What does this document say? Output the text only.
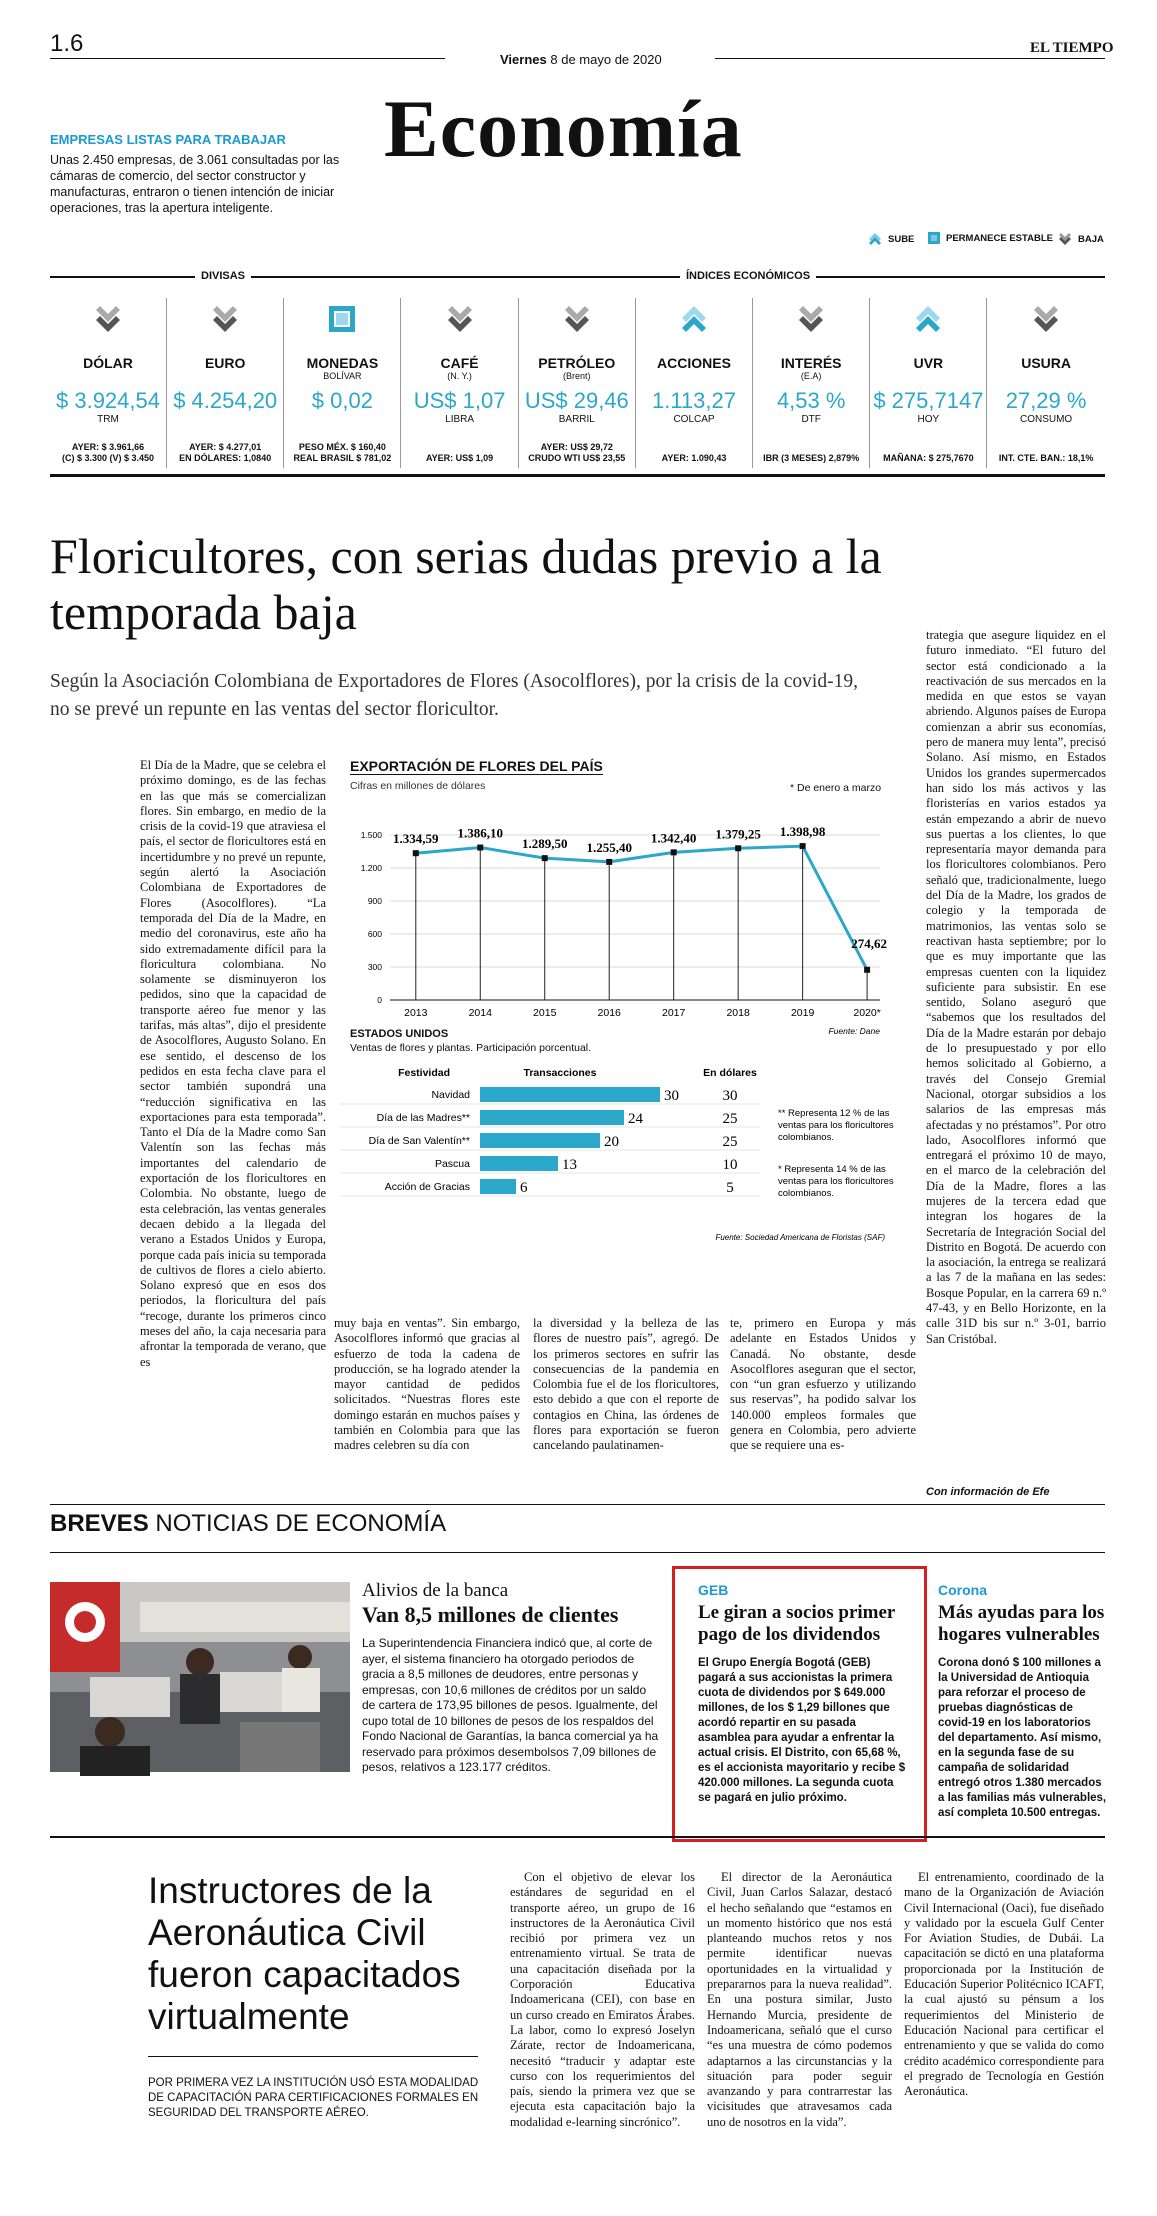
1.6
Viernes 8 de mayo de 2020
EL TIEMPO
Economía
EMPRESAS LISTAS PARA TRABAJAR
Unas 2.450 empresas, de 3.061 consultadas por las cámaras de comercio, del sector constructor y manufacturas, entraron o tienen intención de iniciar operaciones, tras la apertura inteligente.
SUBE	PERMANECE ESTABLE	BAJA
DIVISAS	ÍNDICES ECONÓMICOS
DÓLAR
$ 3.924,54
TRM
AYER: $ 3.961,66
(C) $ 3.300 (V) $ 3.450
EURO
$ 4.254,20
AYER: $ 4.277,01
EN DÓLARES: 1,0840
MONEDAS
BOLÍVAR
$ 0,02
PESO MÉX. $ 160,40
REAL BRASIL $ 781,02
CAFÉ
(N. Y.)
US$ 1,07
LIBRA
AYER: US$ 1,09
PETRÓLEO
(Brent)
US$ 29,46
BARRIL
AYER: US$ 29,72
CRUDO WTI US$ 23,55
ACCIONES
1.113,27
COLCAP
AYER: 1.090,43
INTERÉS
(E.A)
4,53 %
DTF
IBR (3 MESES) 2,879%
UVR
$ 275,7147
HOY
MAÑANA: $ 275,7670
USURA
27,29 %
CONSUMO
INT. CTE. BAN.: 18,1%
Floricultores, con serias dudas previo a la temporada baja
Según la Asociación Colombiana de Exportadores de Flores (Asocolflores), por la crisis de la covid-19, no se prevé un repunte en las ventas del sector floricultor.
El Día de la Madre, que se celebra el próximo domingo, es de las fechas en las que más se comercializan flores. Sin embargo, en medio de la crisis de la covid-19 que atraviesa el país, el sector de floricultores está en incertidumbre y no prevé un repunte, según alertó la Asociación Colombiana de Exportadores de Flores (Asocolflores). “La temporada del Día de la Madre, en medio del coronavirus, este año ha sido extremadamente difícil para la floricultura colombiana. No solamente se disminuyeron los pedidos, sino que la capacidad de transporte aéreo fue menor y las tarifas, más altas”, dijo el presidente de Asocolflores, Augusto Solano. En ese sentido, el descenso de los pedidos en esta fecha clave para el sector también supondrá una “reducción significativa en las exportaciones para esta temporada”. Tanto el Día de la Madre como San Valentín son las fechas más importantes del calendario de exportación de los floricultores en Colombia. No obstante, luego de esta celebración, las ventas generales decaen debido a la llegada del verano a Estados Unidos y Europa, porque cada país inicia su temporada de cultivos de flores a cielo abierto. Solano expresó que en esos dos periodos, la floricultura del país “recoge, durante los primeros cinco meses del año, la caja necesaria para afrontar la temporada de verano, que es
EXPORTACIÓN DE FLORES DEL PAÍS
Cifras en millones de dólares	* De enero a marzo
0
300
600
900
1.200
1.500
2013	2014	2015	2016	2017	2018	2019	2020*
1.334,59 1.386,10
1.289,50 1.255,40
1.342,40 1.379,25 1.398,98
274,62
Fuente: Dane
ESTADOS UNIDOS
Ventas de flores y plantas. Participación porcentual.
Festividad	Transacciones	En dólares
Navidad	30	30
Día de las Madres**	24	25
Día de San Valentín**	20	25
Pascua	13	10
Acción de Gracias	6	5
** Representa 12 % de las ventas para los floricultores colombianos.
* Representa 14 % de las ventas para los floricultores colombianos.
Fuente: Sociedad Americana de Floristas (SAF)
muy baja en ventas”. Sin embargo, Asocolflores informó que gracias al esfuerzo de toda la cadena de producción, se ha logrado atender la mayor cantidad de pedidos solicitados. “Nuestras flores este domingo estarán en muchos países y también en Colombia para que las madres celebren su día con
la diversidad y la belleza de las flores de nuestro país”, agregó. De los primeros sectores en sufrir las consecuencias de la pandemia en Colombia fue el de los floricultores, esto debido a que con el reporte de contagios en China, las órdenes de flores para exportación se fueron cancelando paulatinamen-
te, primero en Europa y más adelante en Estados Unidos y Canadá. No obstante, desde Asocolflores aseguran que el sector, con “un gran esfuerzo y utilizando sus reservas”, ha podido salvar los 140.000 empleos formales que genera en Colombia, pero advierte que se requiere una es-
trategia que asegure liquidez en el futuro inmediato. “El futuro del sector está condicionado a la reactivación de sus mercados en la medida en que estos se vayan abriendo. Algunos países de Europa comienzan a abrir sus economías, pero de manera muy lenta”, precisó Solano. Así mismo, en Estados Unidos los grandes supermercados han sido los más activos y las floristerías en varios estados ya están empezando a abrir de nuevo sus puertas a los clientes, lo que representaría mayor demanda para los floricultores colombianos. Pero señaló que, tradicionalmente, luego del Día de la Madre, los grados de colegio y la temporada de matrimonios, las ventas solo se reactivan hasta septiembre; por lo que es muy importante que las empresas cuenten con la liquidez suficiente para subsistir. En ese sentido, Solano aseguró que “sabemos que los resultados del Día de la Madre estarán por debajo de lo presupuestado y por ello hemos solicitado al Gobierno, a través del Consejo Gremial Nacional, otorgar subsidios a los salarios de las empresas más afectadas y no préstamos”. Por otro lado, Asocolflores informó que entregará el próximo 10 de mayo, en el marco de la celebración del Día de la Madre, flores a las mujeres de la tercera edad que integran los hogares de la Secretaría de Integración Social del Distrito en Bogotá. De acuerdo con la asociación, la entrega se realizará a las 7 de la mañana en las sedes: Bosque Popular, en la carrera 69 n.º 47-43, y en Bello Horizonte, en la calle 31D bis sur n.º 3-01, barrio San Cristóbal.
Con información de Efe
BREVES NOTICIAS DE ECONOMÍA
Alivios de la banca
Van 8,5 millones de clientes
La Superintendencia Financiera indicó que, al corte de ayer, el sistema financiero ha otorgado periodos de gracia a 8,5 millones de deudores, entre personas y empresas, con 10,6 millones de créditos por un saldo de cartera de 173,95 billones de pesos. Igualmente, del cupo total de 10 billones de pesos de los respaldos del Fondo Nacional de Garantías, la banca comercial ya ha reservado para próximos desembolsos 7,09 billones de pesos, relativos a 123.177 créditos.
GEB
Le giran a socios primer pago de los dividendos
El Grupo Energía Bogotá (GEB) pagará a sus accionistas la primera cuota de dividendos por $ 649.000 millones, de los $ 1,29 billones que acordó repartir en su pasada asamblea para ayudar a enfrentar la actual crisis. El Distrito, con 65,68 %, es el accionista mayoritario y recibe $ 420.000 millones. La segunda cuota se pagará en julio próximo.
Corona
Más ayudas para los hogares vulnerables
Corona donó $ 100 millones a la Universidad de Antioquia para reforzar el proceso de pruebas diagnósticas de covid-19 en los laboratorios del departamento. Así mismo, en la segunda fase de su campaña de solidaridad entregó otros 1.380 mercados a las familias más vulnerables, así completa 10.500 entregas.
Instructores de la Aeronáutica Civil fueron capacitados virtualmente
POR PRIMERA VEZ LA INSTITUCIÓN USÓ ESTA MODALIDAD DE CAPACITACIÓN PARA CERTIFICACIONES FORMALES EN SEGURIDAD DEL TRANSPORTE AÉREO.
Con el objetivo de elevar los estándares de seguridad en el transporte aéreo, un grupo de 16 instructores de la Aeronáutica Civil recibió por primera vez un entrenamiento virtual. Se trata de una capacitación diseñada por la Corporación Educativa Indoamericana (CEI), con base en un curso creado en Emiratos Árabes. La labor, como lo expresó Joselyn Zárate, rector de Indoamericana, necesitó “traducir y adaptar este curso con los requerimientos del país, siendo la primera vez que se ejecuta esta capacitación bajo la modalidad e-learning sincrónico”.
El director de la Aeronáutica Civil, Juan Carlos Salazar, destacó el hecho señalando que “estamos en un momento histórico que nos está planteando muchos retos y nos permite identificar nuevas oportunidades en la virtualidad y prepararnos para la nueva realidad”. En una postura similar, Justo Hernando Murcia, presidente de Indoamericana, señaló que el curso “es una muestra de cómo podemos adaptarnos a las circunstancias y la situación para poder seguir avanzando y para contrarrestar las vicisitudes que atravesamos cada uno de nosotros en la vida”.
El entrenamiento, coordinado de la mano de la Organización de Aviación Civil Internacional (Oaci), fue diseñado y validado por la escuela Gulf Center For Aviation Studies, de Dubái. La capacitación se dictó en una plataforma proporcionada por la Institución de Educación Superior Politécnico ICAFT, la cual ajustó su pénsum a los requerimientos del Ministerio de Educación Nacional para certificar el entrenamiento y que se valida do como crédito académico correspondiente para el pregrado de Tecnología en Gestión Aeronáutica.
